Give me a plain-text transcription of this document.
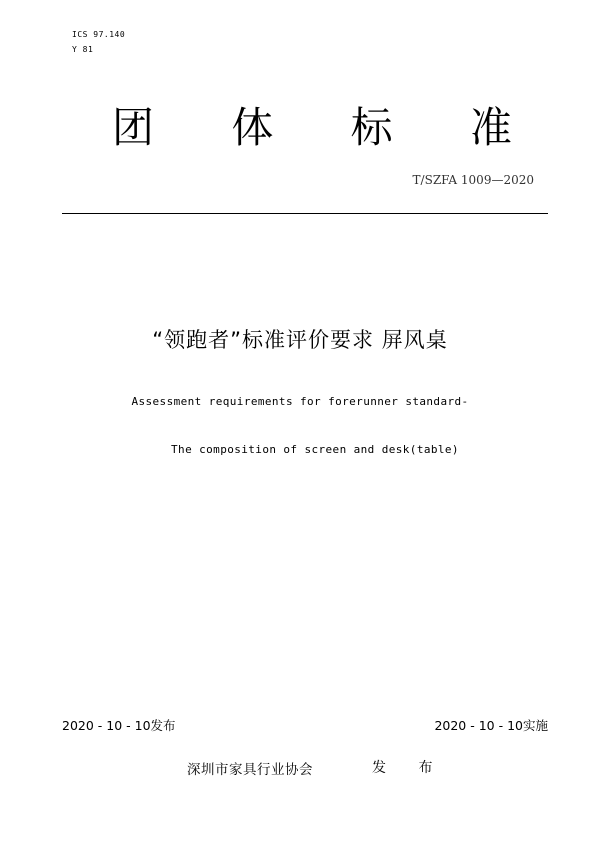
ICS 97.140
Y 81
团 体 标 准
T/SZFA 1009—2020
“领跑者”标准评价要求 屏风桌
Assessment requirements for forerunner standard-
The composition of screen and desk(table)
2020 - 10 - 10发布	2020 - 10 - 10实施
深圳市家具行业协会	发 布
